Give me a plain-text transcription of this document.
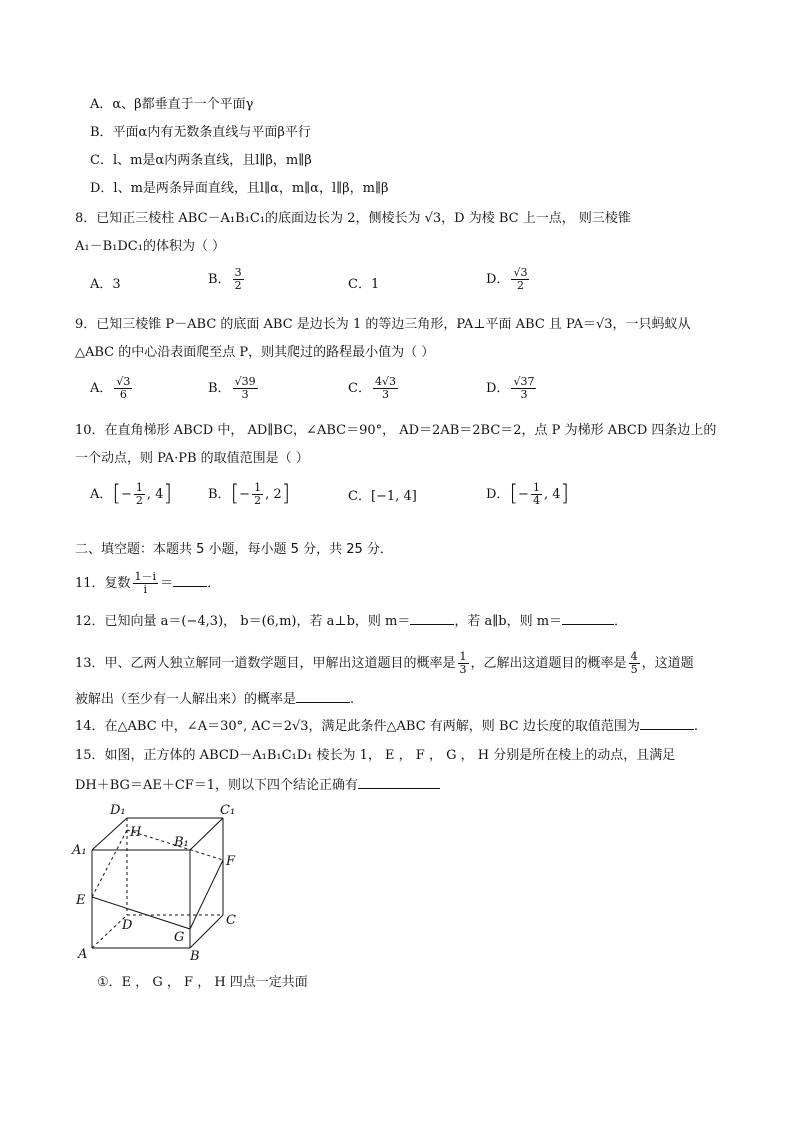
A．α、β都垂直于一个平面γ
B．平面α内有无数条直线与平面β平行
C．l、m是α内两条直线，且l∥β，m∥β
D．l、m是两条异面直线，且l∥α，m∥α，l∥β，m∥β
8．已知正三棱柱 ABC－A₁B₁C₁的底面边长为 2，侧棱长为 √3，D 为棱 BC 上一点， 则三棱锥
A₁－B₁DC₁的体积为（ ）
A．3	B． $\frac{3}{2}$	C．1	D． $\frac{√3}{2}$
9．已知三棱锥 P－ABC 的底面 ABC 是边长为 1 的等边三角形，PA⊥平面 ABC 且 PA＝√3，一只蚂蚁从
△ABC 的中心沿表面爬至点 P，则其爬过的路程最小值为（ ）
A． $\frac{√3}{6}$	B． $\frac{√39}{3}$	C． $\frac{4√3}{3}$	D． $\frac{√37}{3}$
10．在直角梯形 ABCD 中， AD∥BC，∠ABC＝90°， AD＝2AB＝2BC＝2，点 P 为梯形 ABCD 四条边上的
一个动点，则 PA·PB 的取值范围是（ ）
A．[− $\frac{1}{2}$ , 4]	B．[− $\frac{1}{2}$ , 2]	C．[−1, 4]	D．[− $\frac{1}{4}$ , 4]
二、填空题：本题共 5 小题，每小题 5 分，共 25 分．
11．复数 $\frac{1-i}{i}$ ＝	．
12．已知向量 a＝(−4,3)， b＝(6,m)，若 a⊥b，则 m＝	，若 a∥b，则 m＝	．
13．甲、乙两人独立解同一道数学题目，甲解出这道题目的概率是 $\frac{1}{3}$ ，乙解出这道题目的概率是 $\frac{4}{5}$ ，这道题
被解出（至少有一人解出来）的概率是	.
14．在△ABC 中，∠A＝30°, AC＝2√3，满足此条件△ABC 有两解，则 BC 边长度的取值范围为	.
15．如图，正方体的 ABCD－A₁B₁C₁D₁ 棱长为 1， E ， F ， G ， H 分别是所在棱上的动点，且满足
DH＋BG＝AE＋CF＝1，则以下四个结论正确有
D₁	C₁
H
B₁
A₁
F
E
D	C
G
A	B
①．E ， G ， F ， H 四点一定共面
